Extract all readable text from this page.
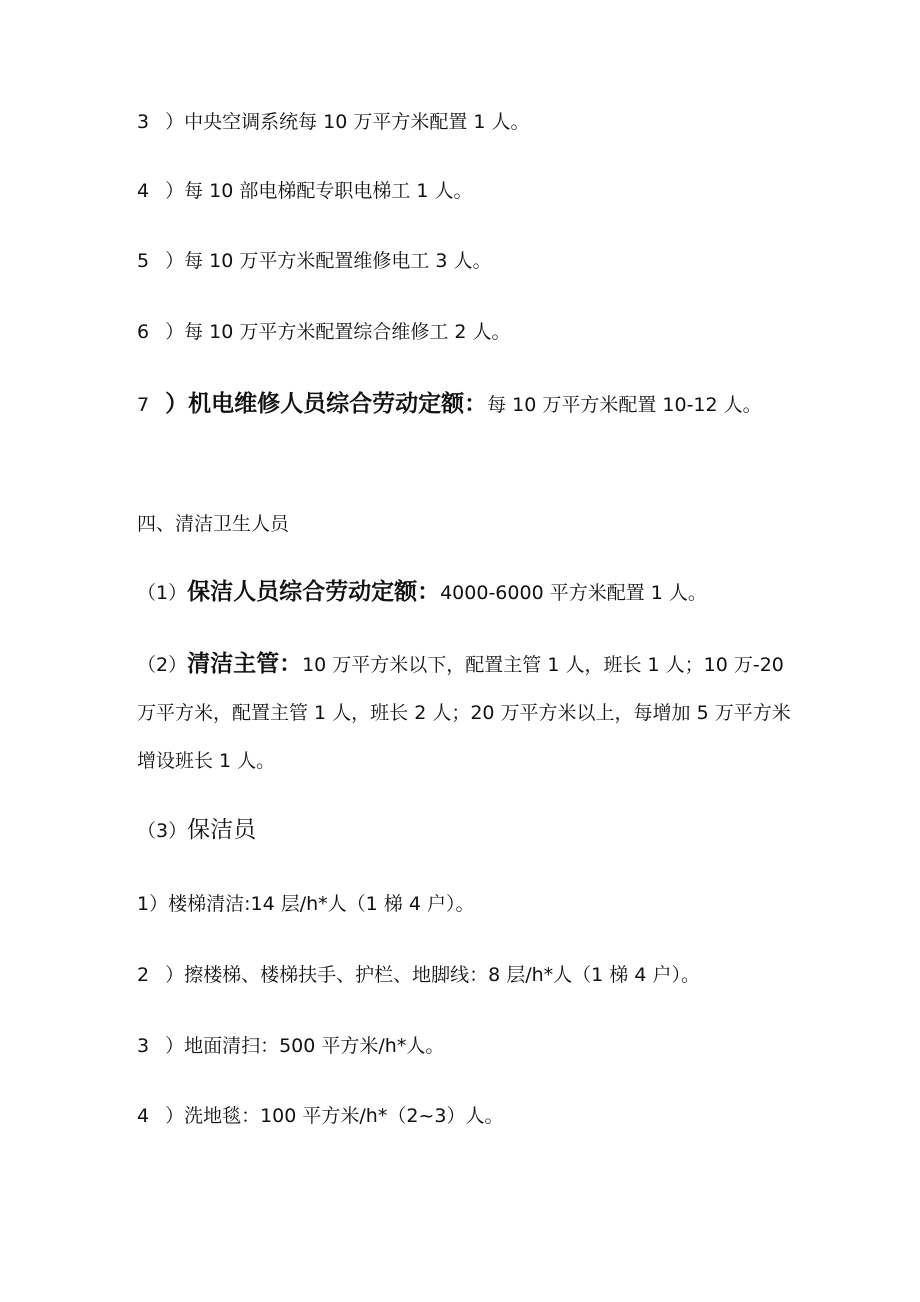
3 ）中央空调系统每 10 万平方米配置 1 人。
4 ）每 10 部电梯配专职电梯工 1 人。
5 ）每 10 万平方米配置维修电工 3 人。
6 ）每 10 万平方米配置综合维修工 2 人。
7 ）机电维修人员综合劳动定额：每 10 万平方米配置 10-12 人。
四、清洁卫生人员
（1）保洁人员综合劳动定额：4000-6000 平方米配置 1 人。
（2）清洁主管：10 万平方米以下，配置主管 1 人，班长 1 人；10 万-20 万平方米，配置主管 1 人，班长 2 人；20 万平方米以上，每增加 5 万平方米增设班长 1 人。
（3）保洁员
1）楼梯清洁:14 层/h*人（1 梯 4 户）。
2 ）擦楼梯、楼梯扶手、护栏、地脚线：8 层/h*人（1 梯 4 户）。
3 ）地面清扫：500 平方米/h*人。
4 ）洗地毯：100 平方米/h*（2~3）人。
